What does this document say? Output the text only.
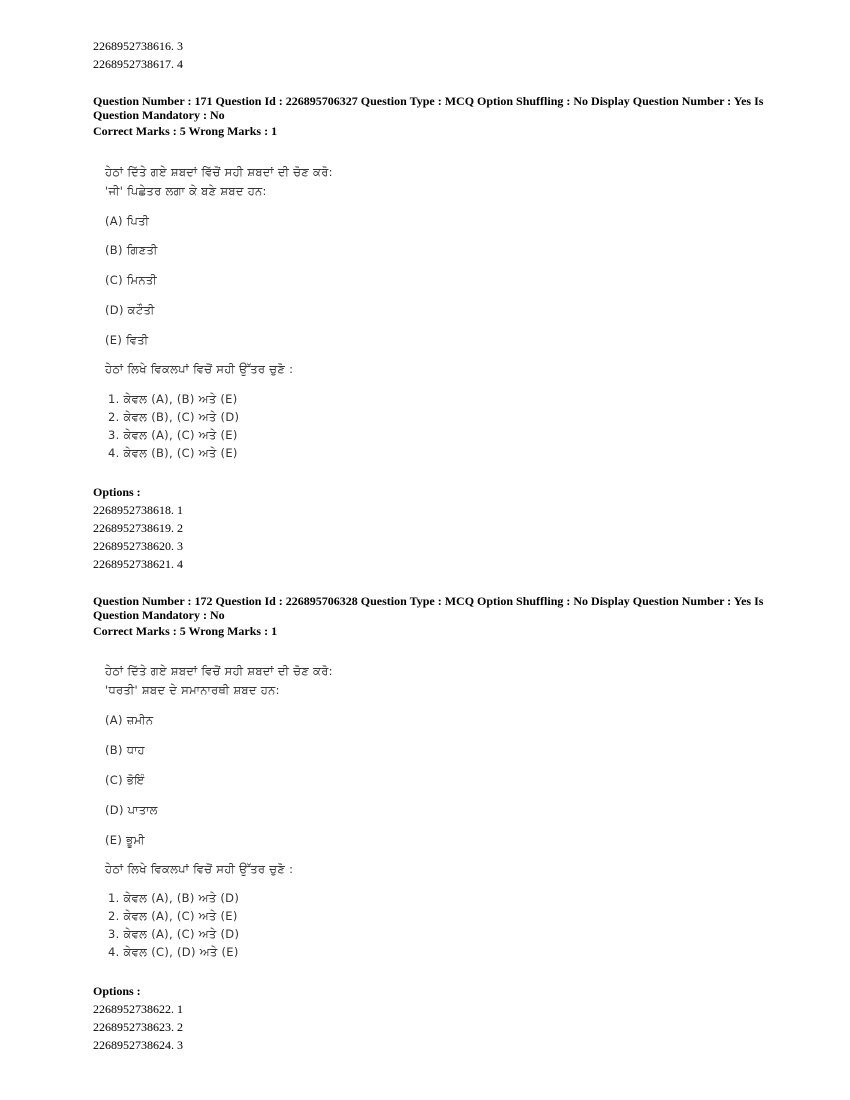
2268952738616. 3
2268952738617. 4
Question Number : 171 Question Id : 226895706327 Question Type : MCQ Option Shuffling : No Display Question Number : Yes Is
Question Mandatory : No
Correct Marks : 5 Wrong Marks : 1
ਹੇਠਾਂ ਦਿੱਤੇ ਗਏ ਸ਼ਬਦਾਂ ਵਿੱਚੋਂ ਸਹੀ ਸ਼ਬਦਾਂ ਦੀ ਚੋਣ ਕਰੋ:
'ਜੀ' ਪਿਛੇਤਰ ਲਗਾ ਕੇ ਬਣੇ ਸ਼ਬਦ ਹਨ:
(A) ਪਿਤੀ
(B) ਗਿਣਤੀ
(C) ਮਿਨਤੀ
(D) ਕਟੌਤੀ
(E) ਵਿਤੀ
ਹੇਠਾਂ ਲਿਖੇ ਵਿਕਲਪਾਂ ਵਿਚੋਂ ਸਹੀ ਉੱਤਰ ਚੁਣੋ :
1. ਕੇਵਲ (A), (B) ਅਤੇ (E)
2. ਕੇਵਲ (B), (C) ਅਤੇ (D)
3. ਕੇਵਲ (A), (C) ਅਤੇ (E)
4. ਕੇਵਲ (B), (C) ਅਤੇ (E)
Options :
2268952738618. 1
2268952738619. 2
2268952738620. 3
2268952738621. 4
Question Number : 172 Question Id : 226895706328 Question Type : MCQ Option Shuffling : No Display Question Number : Yes Is
Question Mandatory : No
Correct Marks : 5 Wrong Marks : 1
ਹੇਠਾਂ ਦਿੱਤੇ ਗਏ ਸ਼ਬਦਾਂ ਵਿਚੋਂ ਸਹੀ ਸ਼ਬਦਾਂ ਦੀ ਚੋਣ ਕਰੋ:
'ਧਰਤੀ' ਸ਼ਬਦ ਦੇ ਸਮਾਨਾਰਥੀ ਸ਼ਬਦ ਹਨ:
(A) ਜ਼ਮੀਨ
(B) ਧਾਹ
(C) ਭੋਇੰ
(D) ਪਾਤਾਲ
(E) ਭੂਮੀ
ਹੇਠਾਂ ਲਿਖੇ ਵਿਕਲਪਾਂ ਵਿਚੋਂ ਸਹੀ ਉੱਤਰ ਚੁਣੋ :
1. ਕੇਵਲ (A), (B) ਅਤੇ (D)
2. ਕੇਵਲ (A), (C) ਅਤੇ (E)
3. ਕੇਵਲ (A), (C) ਅਤੇ (D)
4. ਕੇਵਲ (C), (D) ਅਤੇ (E)
Options :
2268952738622. 1
2268952738623. 2
2268952738624. 3
